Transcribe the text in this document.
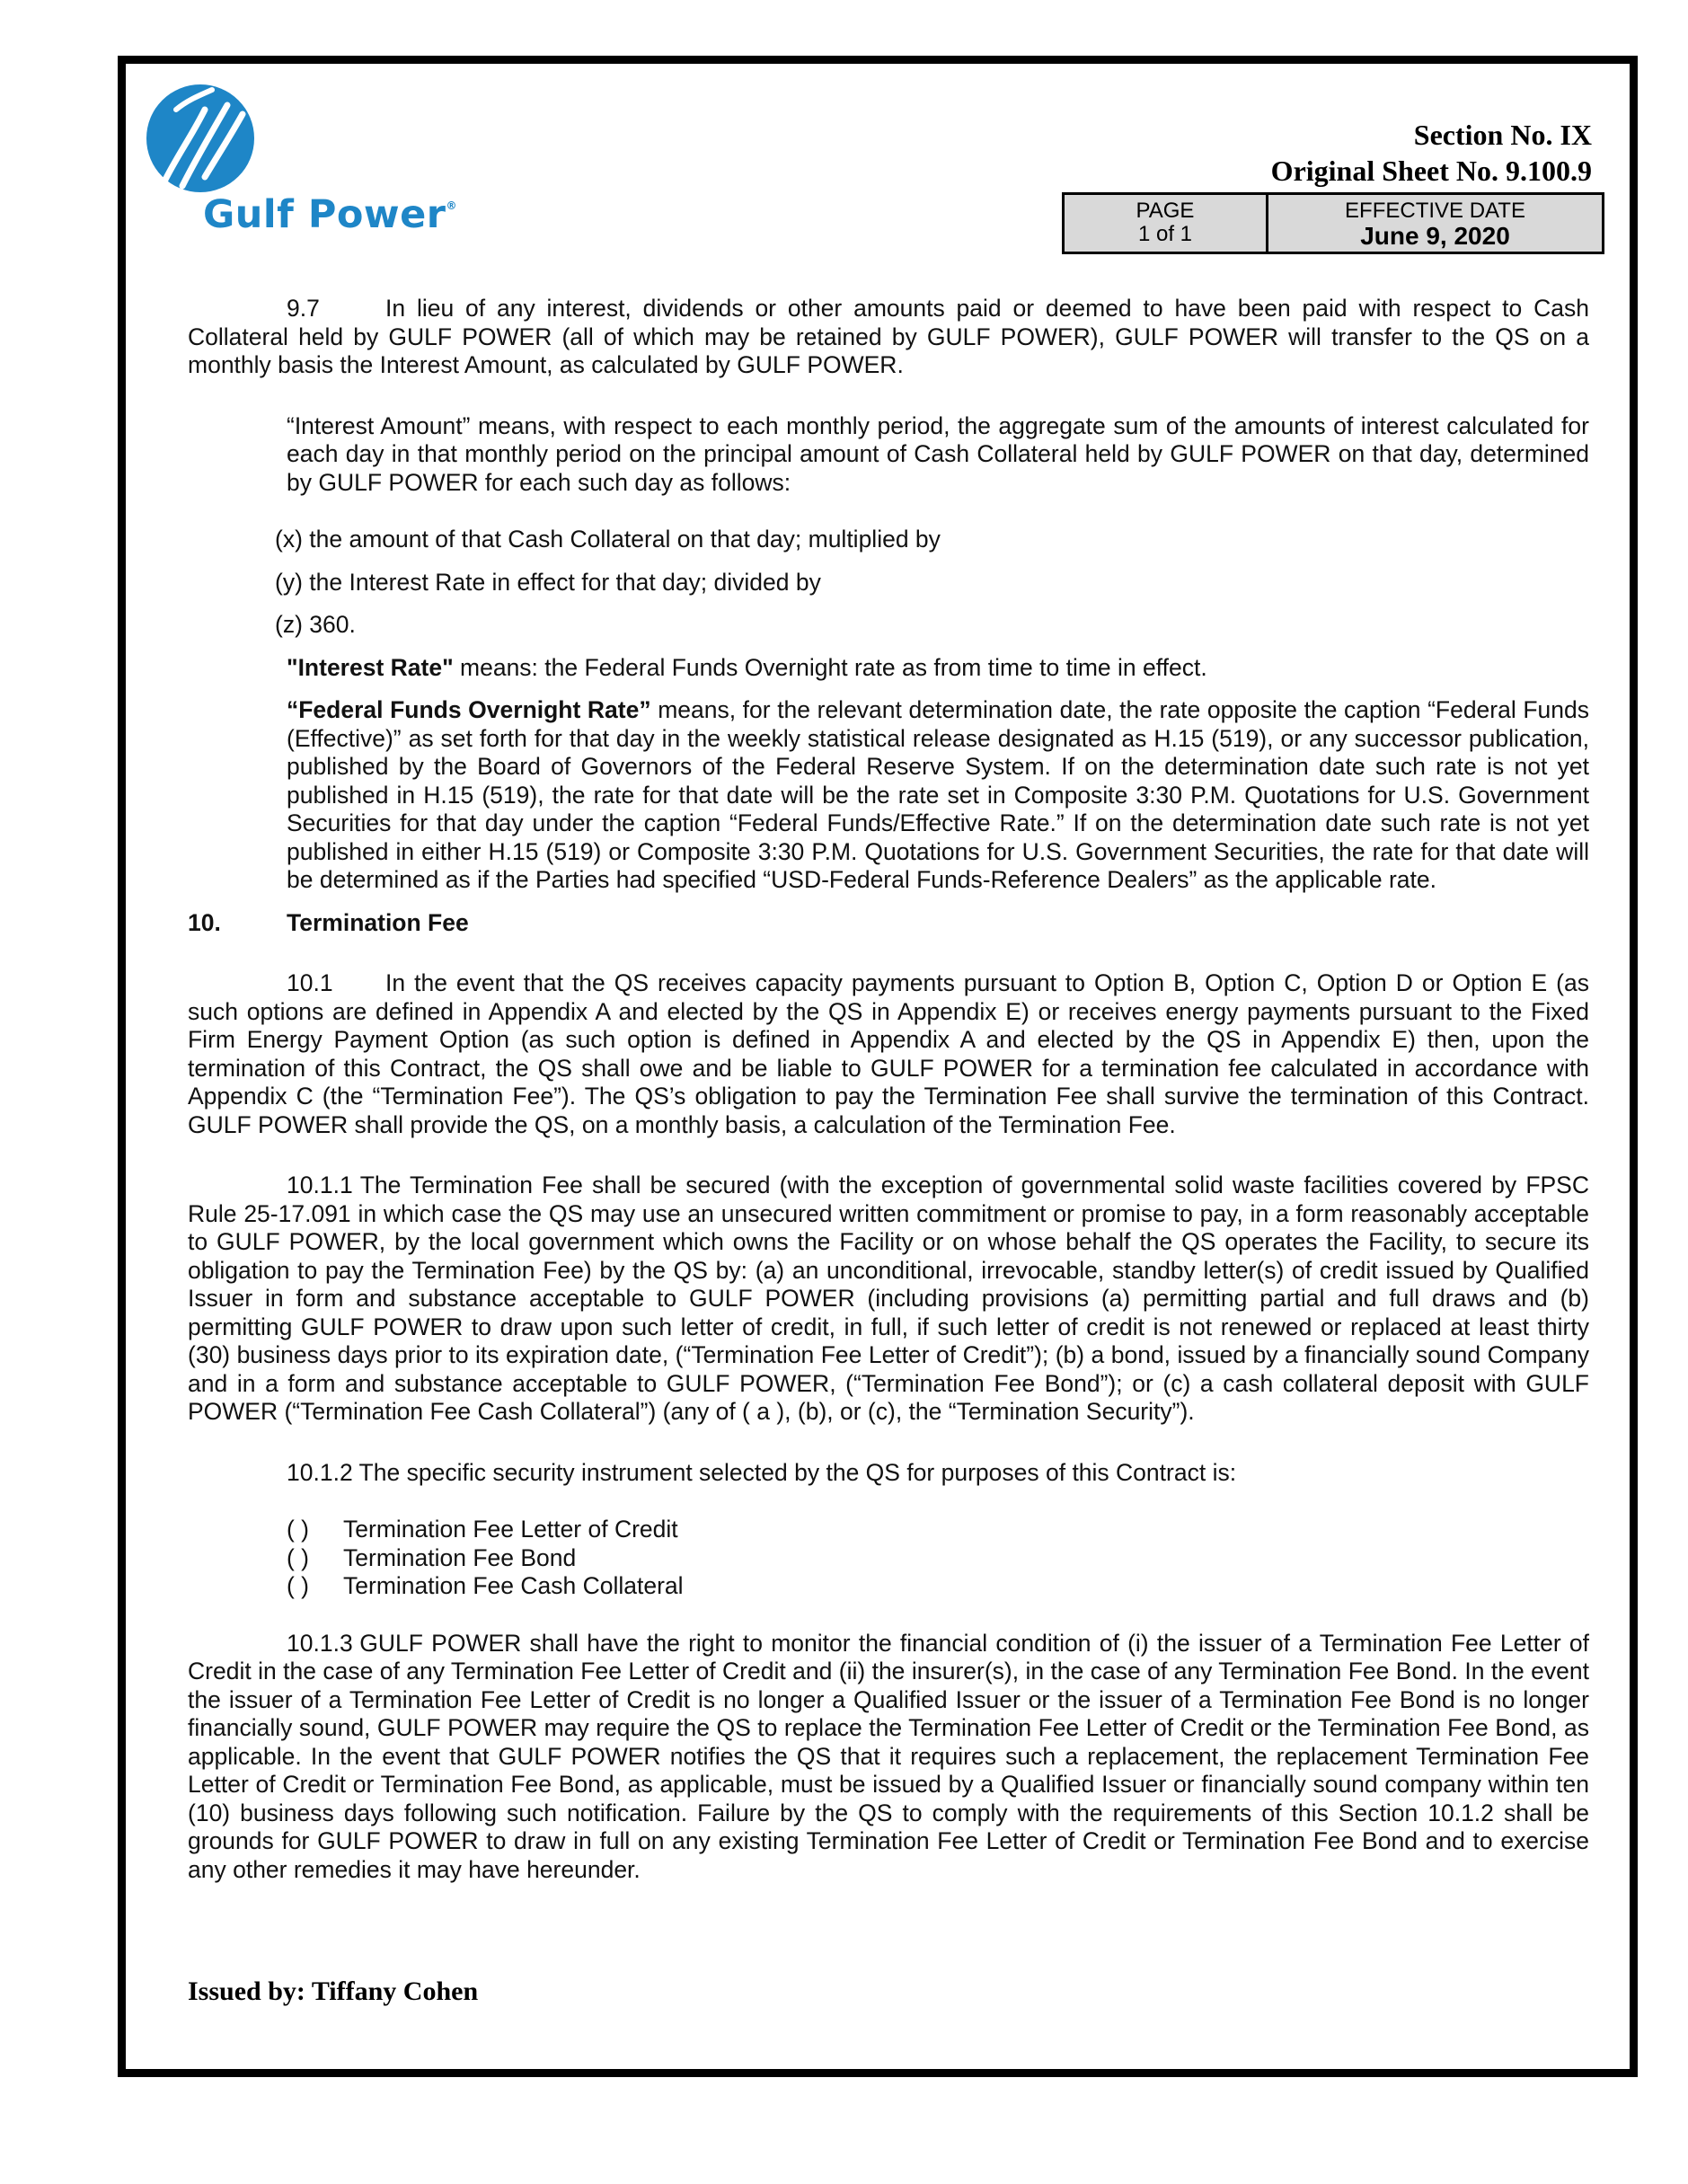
Gulf Power®
Section No. IX
Original Sheet No. 9.100.9
PAGE
1 of 1
EFFECTIVE DATE
June 9, 2020

9.7	In lieu of any interest, dividends or other amounts paid or deemed to have been paid with respect to Cash Collateral held by GULF POWER (all of which may be retained by GULF POWER), GULF POWER will transfer to the QS on a monthly basis the Interest Amount, as calculated by GULF POWER.

“Interest Amount” means, with respect to each monthly period, the aggregate sum of the amounts of interest calculated for each day in that monthly period on the principal amount of Cash Collateral held by GULF POWER on that day, determined by GULF POWER for each such day as follows:

(x) the amount of that Cash Collateral on that day; multiplied by

(y) the Interest Rate in effect for that day; divided by

(z) 360.

"Interest Rate" means: the Federal Funds Overnight rate as from time to time in effect.

“Federal Funds Overnight Rate” means, for the relevant determination date, the rate opposite the caption “Federal Funds (Effective)” as set forth for that day in the weekly statistical release designated as H.15 (519), or any successor publication, published by the Board of Governors of the Federal Reserve System. If on the determination date such rate is not yet published in H.15 (519), the rate for that date will be the rate set in Composite 3:30 P.M. Quotations for U.S. Government Securities for that day under the caption “Federal Funds/Effective Rate.” If on the determination date such rate is not yet published in either H.15 (519) or Composite 3:30 P.M. Quotations for U.S. Government Securities, the rate for that date will be determined as if the Parties had specified “USD-Federal Funds-Reference Dealers” as the applicable rate.

10.	Termination Fee

10.1 In the event that the QS receives capacity payments pursuant to Option B, Option C, Option D or Option E (as such options are defined in Appendix A and elected by the QS in Appendix E) or receives energy payments pursuant to the Fixed Firm Energy Payment Option (as such option is defined in Appendix A and elected by the QS in Appendix E) then, upon the termination of this Contract, the QS shall owe and be liable to GULF POWER for a termination fee calculated in accordance with Appendix C (the “Termination Fee”). The QS’s obligation to pay the Termination Fee shall survive the termination of this Contract. GULF POWER shall provide the QS, on a monthly basis, a calculation of the Termination Fee.

10.1.1 The Termination Fee shall be secured (with the exception of governmental solid waste facilities covered by FPSC Rule 25-17.091 in which case the QS may use an unsecured written commitment or promise to pay, in a form reasonably acceptable to GULF POWER, by the local government which owns the Facility or on whose behalf the QS operates the Facility, to secure its obligation to pay the Termination Fee) by the QS by: (a) an unconditional, irrevocable, standby letter(s) of credit issued by Qualified Issuer in form and substance acceptable to GULF POWER (including provisions (a) permitting partial and full draws and (b) permitting GULF POWER to draw upon such letter of credit, in full, if such letter of credit is not renewed or replaced at least thirty (30) business days prior to its expiration date, (“Termination Fee Letter of Credit”); (b) a bond, issued by a financially sound Company and in a form and substance acceptable to GULF POWER, (“Termination Fee Bond”); or (c) a cash collateral deposit with GULF POWER (“Termination Fee Cash Collateral”) (any of ( a ), (b), or (c), the “Termination Security”).

10.1.2 The specific security instrument selected by the QS for purposes of this Contract is:

( ) Termination Fee Letter of Credit

( ) Termination Fee Bond

( ) Termination Fee Cash Collateral

10.1.3 GULF POWER shall have the right to monitor the financial condition of (i) the issuer of a Termination Fee Letter of Credit in the case of any Termination Fee Letter of Credit and (ii) the insurer(s), in the case of any Termination Fee Bond. In the event the issuer of a Termination Fee Letter of Credit is no longer a Qualified Issuer or the issuer of a Termination Fee Bond is no longer financially sound, GULF POWER may require the QS to replace the Termination Fee Letter of Credit or the Termination Fee Bond, as applicable. In the event that GULF POWER notifies the QS that it requires such a replacement, the replacement Termination Fee Letter of Credit or Termination Fee Bond, as applicable, must be issued by a Qualified Issuer or financially sound company within ten (10) business days following such notification. Failure by the QS to comply with the requirements of this Section 10.1.2 shall be grounds for GULF POWER to draw in full on any existing Termination Fee Letter of Credit or Termination Fee Bond and to exercise any other remedies it may have hereunder.

Issued by: Tiffany Cohen
